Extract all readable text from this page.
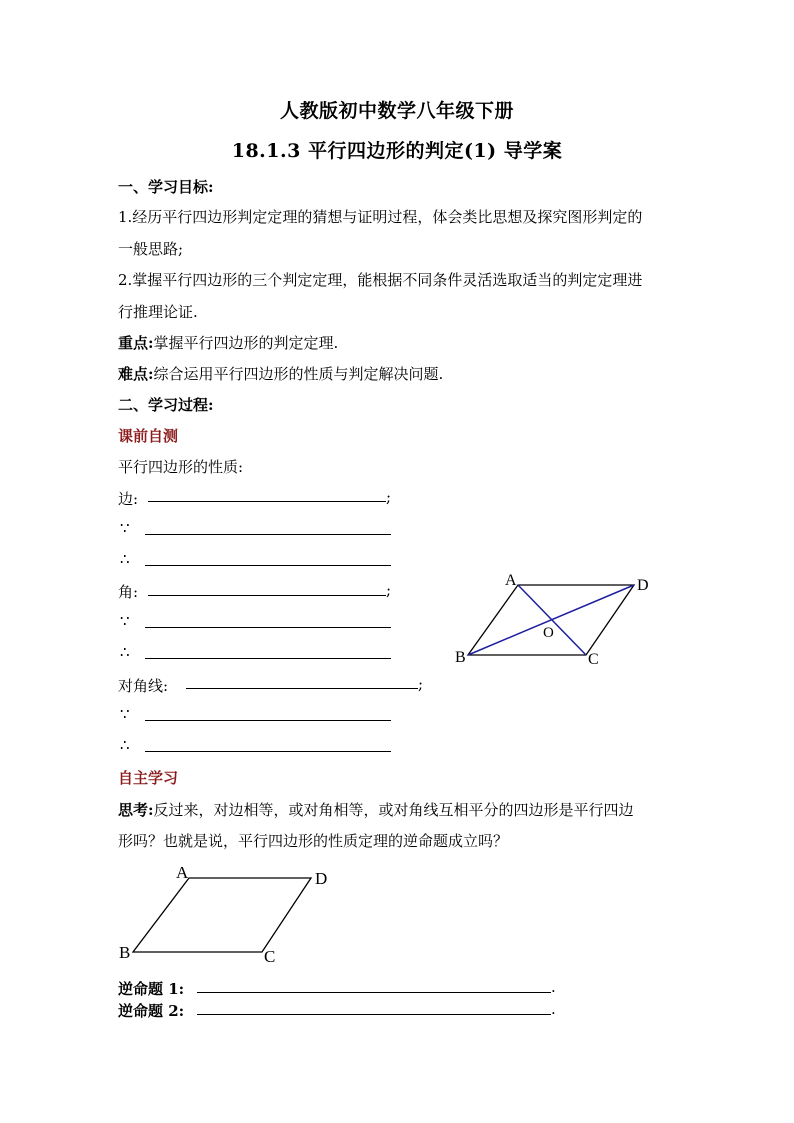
人教版初中数学八年级下册
18.1.3 平行四边形的判定(1) 导学案
一、学习目标:
1.经历平行四边形判定定理的猜想与证明过程，体会类比思想及探究图形判定的
一般思路;
2.掌握平行四边形的三个判定定理，能根据不同条件灵活选取适当的判定定理进
行推理论证.
重点:掌握平行四边形的判定定理.
难点:综合运用平行四边形的性质与判定解决问题.
二、学习过程:
课前自测
平行四边形的性质:
边:	;
∵
∴
角:	;
∵
∴
对角线:	;
∵
∴
A	D
B	C
O
自主学习
思考:反过来，对边相等，或对角相等，或对角线互相平分的四边形是平行四边
形吗？也就是说，平行四边形的性质定理的逆命题成立吗？
A	D
B	C
逆命题 1:	.
逆命题 2:	.
